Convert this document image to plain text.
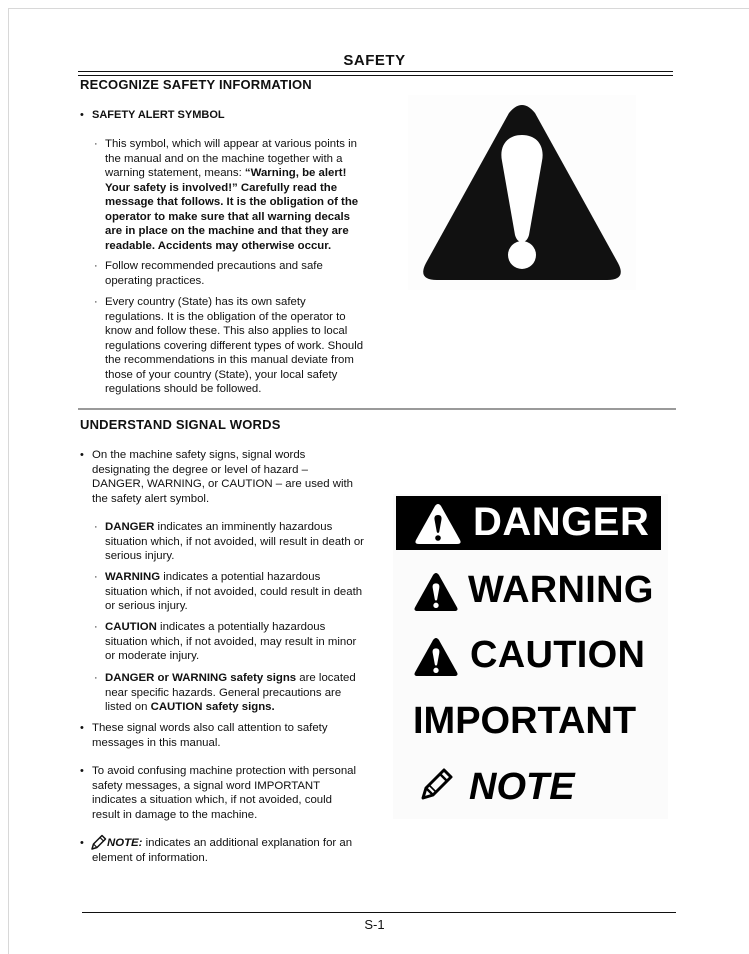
SAFETY
RECOGNIZE SAFETY INFORMATION
• SAFETY ALERT SYMBOL
· This symbol, which will appear at various points in
the manual and on the machine together with a
warning statement, means: “Warning, be alert!
Your safety is involved!” Carefully read the
message that follows. It is the obligation of the
operator to make sure that all warning decals
are in place on the machine and that they are
readable. Accidents may otherwise occur.
· Follow recommended precautions and safe
operating practices.
· Every country (State) has its own safety
regulations. It is the obligation of the operator to
know and follow these. This also applies to local
regulations covering different types of work. Should
the recommendations in this manual deviate from
those of your country (State), your local safety
regulations should be followed.
UNDERSTAND SIGNAL WORDS
• On the machine safety signs, signal words
designating the degree or level of hazard –
DANGER, WARNING, or CAUTION – are used with
the safety alert symbol.
· DANGER indicates an imminently hazardous
situation which, if not avoided, will result in death or
serious injury.
· WARNING indicates a potential hazardous
situation which, if not avoided, could result in death
or serious injury.
· CAUTION indicates a potentially hazardous
situation which, if not avoided, may result in minor
or moderate injury.
· DANGER or WARNING safety signs are located
near specific hazards. General precautions are
listed on CAUTION safety signs.
• These signal words also call attention to safety
messages in this manual.
• To avoid confusing machine protection with personal
safety messages, a signal word IMPORTANT
indicates a situation which, if not avoided, could
result in damage to the machine.
• NOTE: indicates an additional explanation for an
element of information.
DANGER
WARNING
CAUTION
IMPORTANT
NOTE
S-1
